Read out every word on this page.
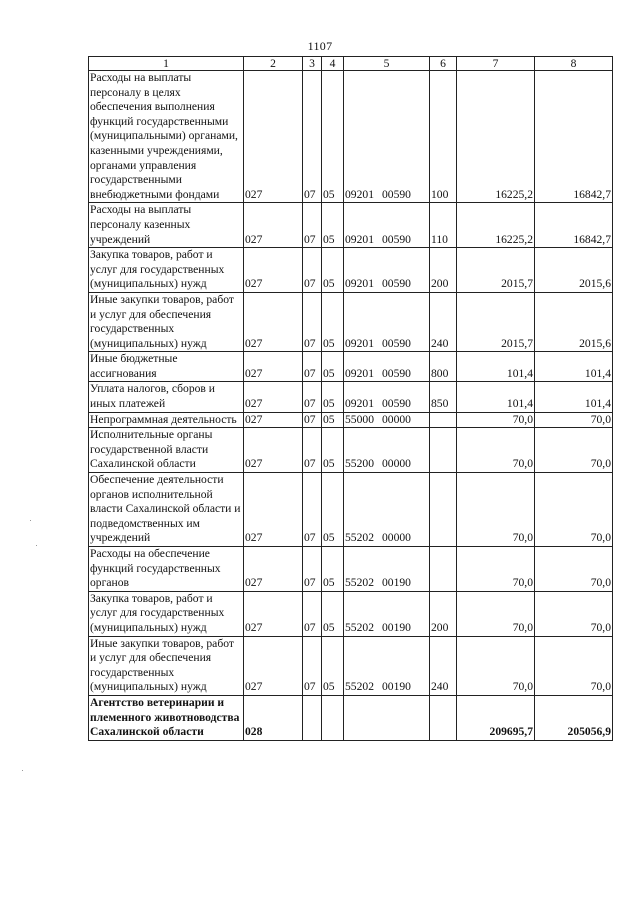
1107
1	2	3	4	5	6	7	8
Расходы на выплаты персоналу в целях обеспечения выполнения функций государственными (муниципальными) органами, казенными учреждениями, органами управления государственными внебюджетными фондами	027	07	05	09201 00590	100	16225,2	16842,7
Расходы на выплаты персоналу казенных учреждений	027	07	05	09201 00590	110	16225,2	16842,7
Закупка товаров, работ и услуг для государственных (муниципальных) нужд	027	07	05	09201 00590	200	2015,7	2015,6
Иные закупки товаров, работ и услуг для обеспечения государственных (муниципальных) нужд	027	07	05	09201 00590	240	2015,7	2015,6
Иные бюджетные ассигнования	027	07	05	09201 00590	800	101,4	101,4
Уплата налогов, сборов и иных платежей	027	07	05	09201 00590	850	101,4	101,4
Непрограммная деятельность	027	07	05	55000 00000		70,0	70,0
Исполнительные органы государственной власти Сахалинской области	027	07	05	55200 00000		70,0	70,0
Обеспечение деятельности органов исполнительной власти Сахалинской области и подведомственных им учреждений	027	07	05	55202 00000		70,0	70,0
Расходы на обеспечение функций государственных органов	027	07	05	55202 00190		70,0	70,0
Закупка товаров, работ и услуг для государственных (муниципальных) нужд	027	07	05	55202 00190	200	70,0	70,0
Иные закупки товаров, работ и услуг для обеспечения государственных (муниципальных) нужд	027	07	05	55202 00190	240	70,0	70,0
Агентство ветеринарии и племенного животноводства Сахалинской области	028					209695,7	205056,9
